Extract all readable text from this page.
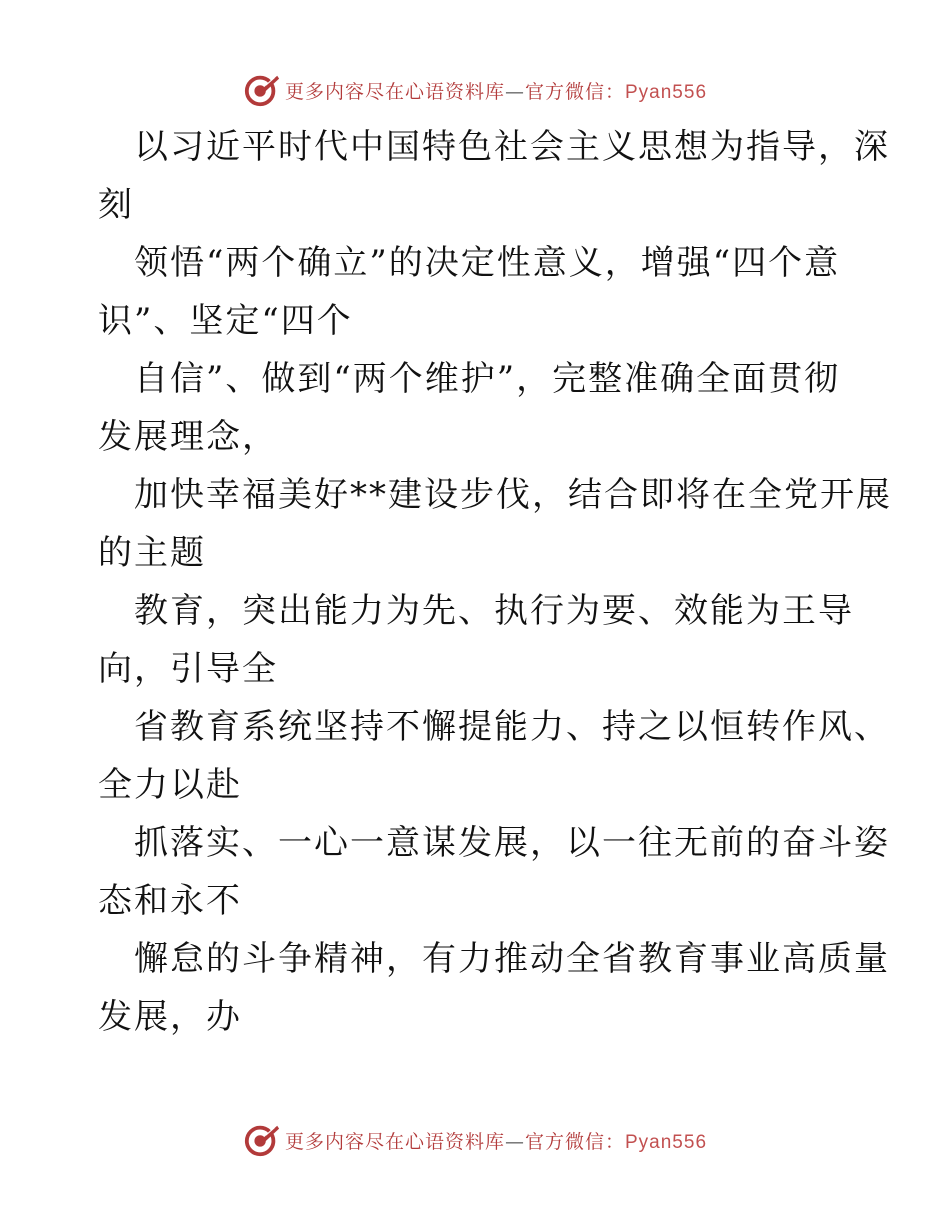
更多内容尽在心语资料库—官方微信：Pyan556

以习近平时代中国特色社会主义思想为指导，深
刻

领悟“两个确立”的决定性意义，增强“四个意
识”、坚定“四个

自信”、做到“两个维护”，完整准确全面贯彻
发展理念，

加快幸福美好**建设步伐，结合即将在全党开展
的主题

教育，突出能力为先、执行为要、效能为王导
向，引导全

省教育系统坚持不懈提能力、持之以恒转作风、
全力以赴

抓落实、一心一意谋发展，以一往无前的奋斗姿
态和永不

懈怠的斗争精神，有力推动全省教育事业高质量
发展，办

更多内容尽在心语资料库—官方微信：Pyan556
